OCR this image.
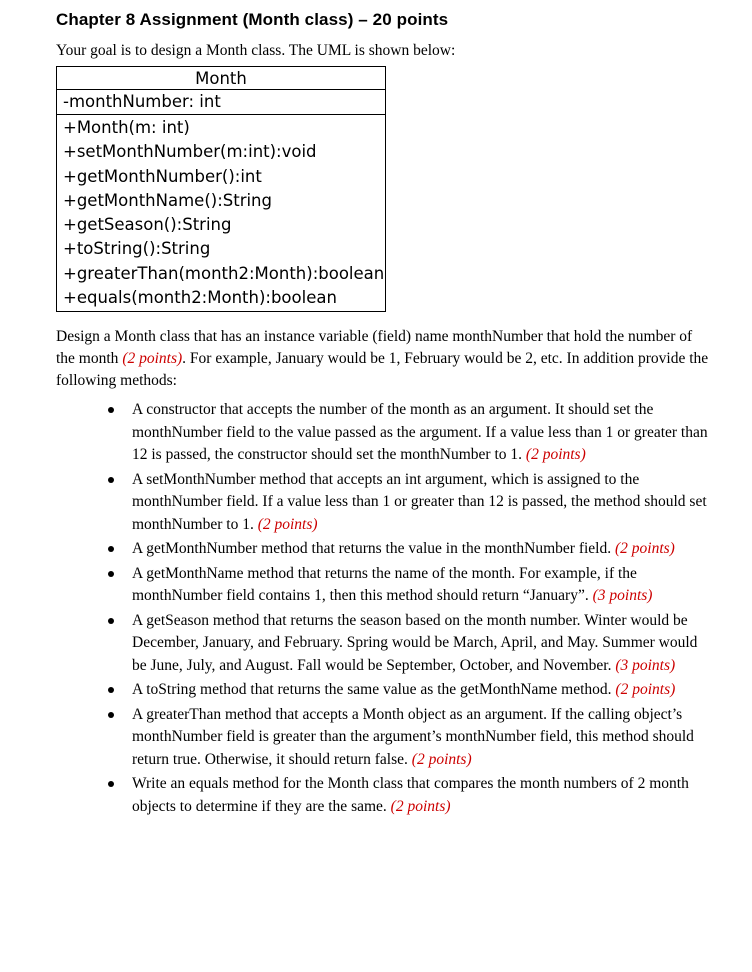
Chapter 8 Assignment (Month class) – 20 points

Your goal is to design a Month class. The UML is shown below:

Month
-monthNumber: int
+Month(m: int)
+setMonthNumber(m:int):void
+getMonthNumber():int
+getMonthName():String
+getSeason():String
+toString():String
+greaterThan(month2:Month):boolean
+equals(month2:Month):boolean

Design a Month class that has an instance variable (field) name monthNumber that hold the number of the month (2 points). For example, January would be 1, February would be 2, etc. In addition provide the following methods:

A constructor that accepts the number of the month as an argument. It should set the monthNumber field to the value passed as the argument. If a value less than 1 or greater than 12 is passed, the constructor should set the monthNumber to 1. (2 points)
A setMonthNumber method that accepts an int argument, which is assigned to the monthNumber field. If a value less than 1 or greater than 12 is passed, the method should set monthNumber to 1. (2 points)
A getMonthNumber method that returns the value in the monthNumber field. (2 points)
A getMonthName method that returns the name of the month. For example, if the monthNumber field contains 1, then this method should return “January”. (3 points)
A getSeason method that returns the season based on the month number. Winter would be December, January, and February. Spring would be March, April, and May. Summer would be June, July, and August. Fall would be September, October, and November. (3 points)
A toString method that returns the same value as the getMonthName method. (2 points)
A greaterThan method that accepts a Month object as an argument. If the calling object’s monthNumber field is greater than the argument’s monthNumber field, this method should return true. Otherwise, it should return false. (2 points)
Write an equals method for the Month class that compares the month numbers of 2 month objects to determine if they are the same. (2 points)
